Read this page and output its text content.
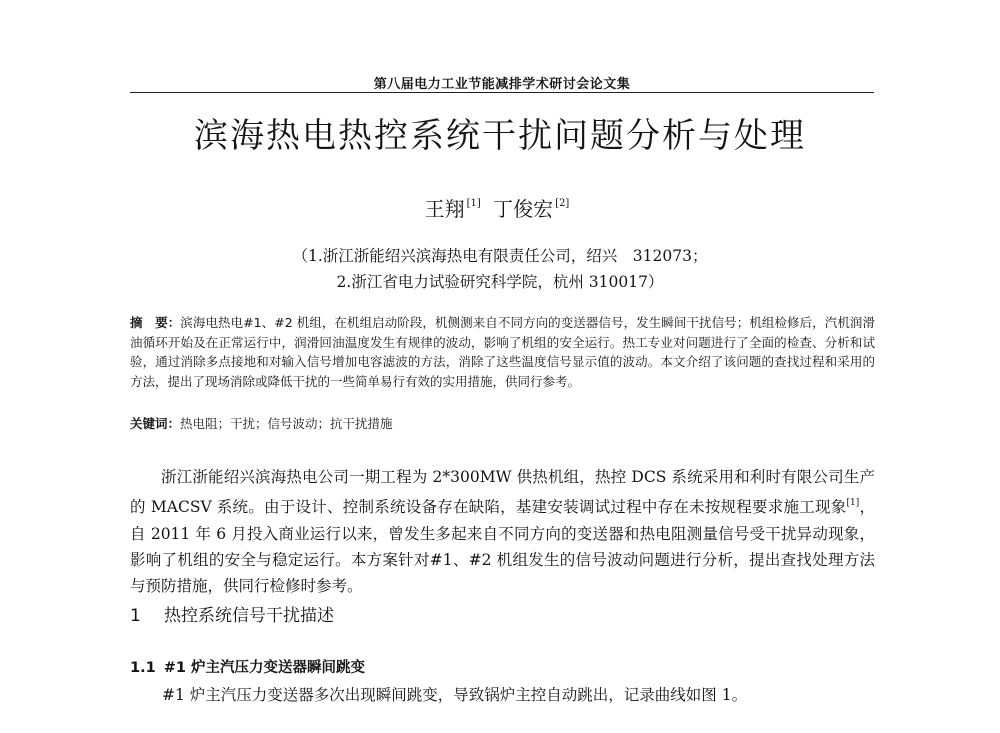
第八届电力工业节能减排学术研讨会论文集
滨海热电热控系统干扰问题分析与处理
王翔 [1] 丁俊宏 [2]
（1.浙江浙能绍兴滨海热电有限责任公司，绍兴　312073；
2.浙江省电力试验研究科学院，杭州 310017）
摘　要：滨海电热电#1、#2 机组，在机组启动阶段，机侧测来自不同方向的变送器信号，发生瞬间干扰信号；机组检修后，汽机润滑油循环开始及在正常运行中，润滑回油温度发生有规律的波动，影响了机组的安全运行。热工专业对问题进行了全面的检查、分析和试验，通过消除多点接地和对输入信号增加电容滤波的方法，消除了这些温度信号显示值的波动。本文介绍了该问题的查找过程和采用的方法，提出了现场消除或降低干扰的一些简单易行有效的实用措施，供同行参考。
关键词：热电阻；干扰；信号波动；抗干扰措施
浙江浙能绍兴滨海热电公司一期工程为 2*300MW 供热机组，热控 DCS 系统采用和利时有限公司生产的 MACSV 系统。由于设计、控制系统设备存在缺陷，基建安装调试过程中存在未按规程要求施工现象[1]，自 2011 年 6 月投入商业运行以来，曾发生多起来自不同方向的变送器和热电阻测量信号受干扰异动现象，影响了机组的安全与稳定运行。本方案针对#1、#2 机组发生的信号波动问题进行分析，提出查找处理方法与预防措施，供同行检修时参考。
1 热控系统信号干扰描述
1.1 #1 炉主汽压力变送器瞬间跳变
#1 炉主汽压力变送器多次出现瞬间跳变，导致锅炉主控自动跳出，记录曲线如图 1。
